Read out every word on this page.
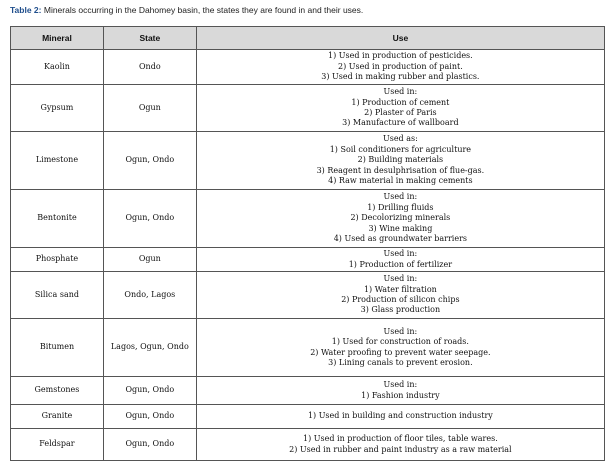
Table 2: Minerals occurring in the Dahomey basin, the states they are found in and their uses.
Mineral	State	Use
Kaolin	Ondo	1) Used in production of pesticides.
2) Used in production of paint.
3) Used in making rubber and plastics.

Gypsum	Ogun	Used in:
1) Production of cement
2) Plaster of Paris
3) Manufacture of wallboard

Limestone	Ogun, Ondo	Used as:
1) Soil conditioners for agriculture
2) Building materials
3) Reagent in desulphrisation of flue-gas.
4) Raw material in making cements

Bentonite	Ogun, Ondo	Used in:
1) Drilling fluids
2) Decolorizing minerals
3) Wine making
4) Used as groundwater barriers

Phosphate	Ogun	Used in:
1) Production of fertilizer

Silica sand	Ondo, Lagos	Used in:
1) Water filtration
2) Production of silicon chips
3) Glass production

Bitumen	Lagos, Ogun, Ondo	Used in:
1) Used for construction of roads.
2) Water proofing to prevent water seepage.
3) Lining canals to prevent erosion.

Gemstones	Ogun, Ondo	Used in:
1) Fashion industry

Granite	Ogun, Ondo	1) Used in building and construction industry

Feldspar	Ogun, Ondo	1) Used in production of floor tiles, table wares.
2) Used in rubber and paint industry as a raw material
